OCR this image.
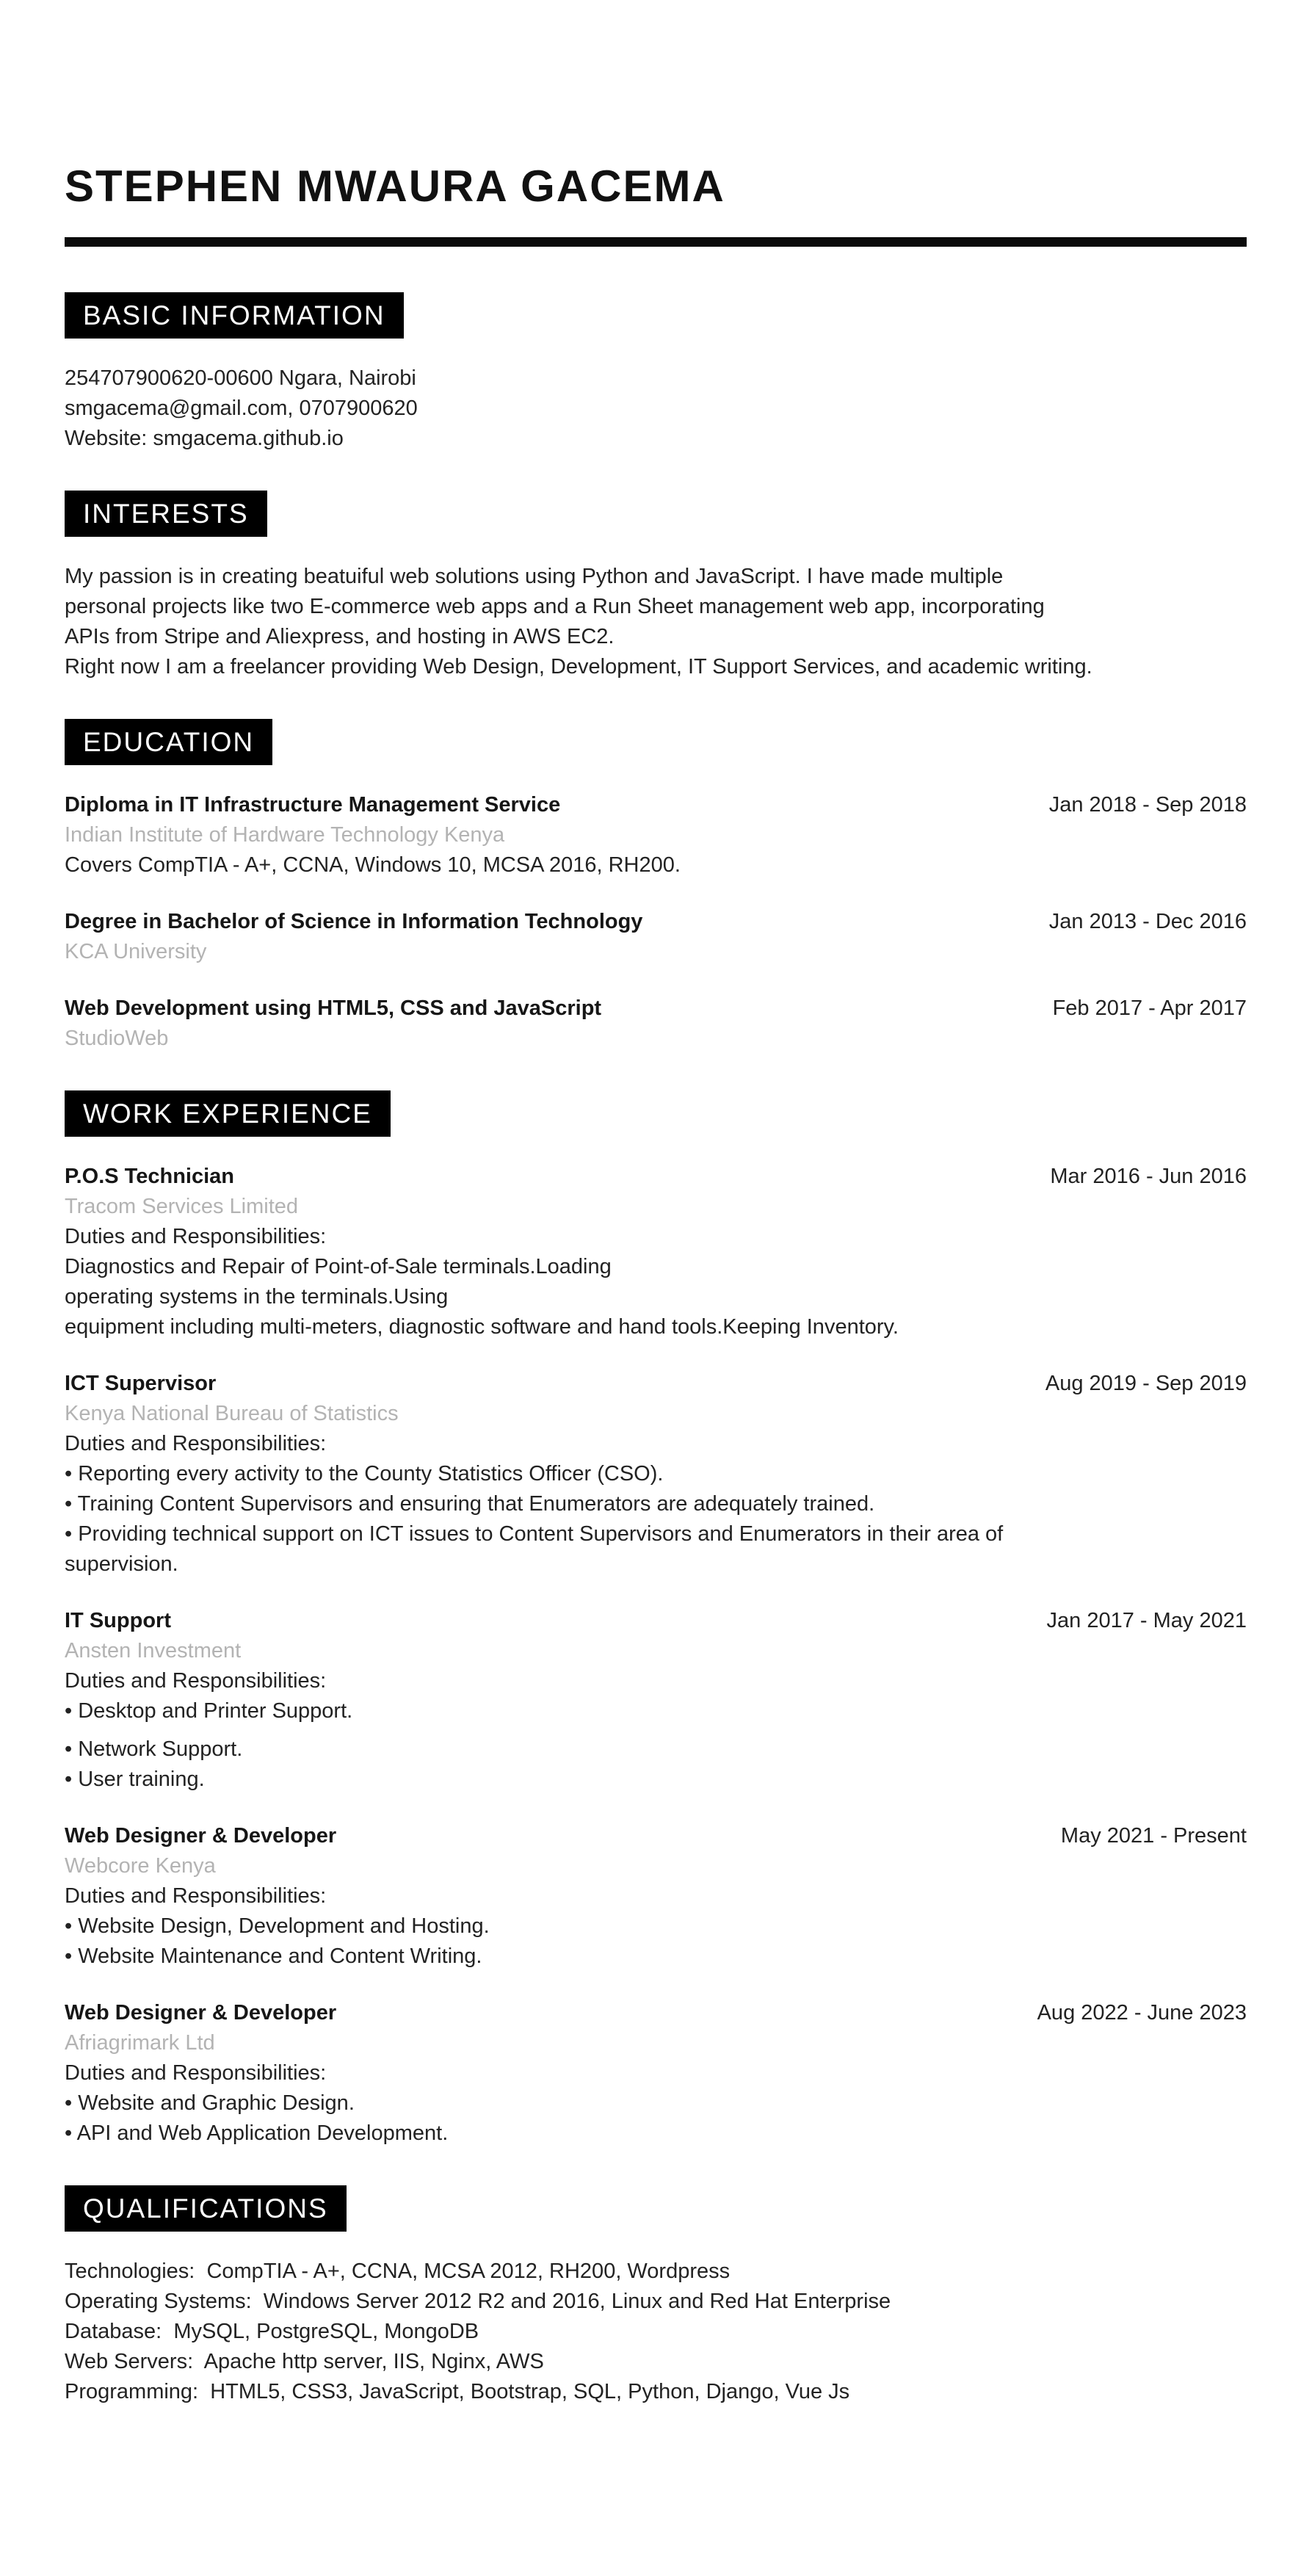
STEPHEN MWAURA GACEMA
BASIC INFORMATION
254707900620-00600 Ngara, Nairobi
smgacema@gmail.com, 0707900620
Website: smgacema.github.io
INTERESTS
My passion is in creating beatuiful web solutions using Python and JavaScript. I have made multiple
personal projects like two E-commerce web apps and a Run Sheet management web app, incorporating
APIs from Stripe and Aliexpress, and hosting in AWS EC2.
Right now I am a freelancer providing Web Design, Development, IT Support Services, and academic writing.
EDUCATION
Diploma in IT Infrastructure Management Service	Jan 2018 - Sep 2018
Indian Institute of Hardware Technology Kenya
Covers CompTIA - A+, CCNA, Windows 10, MCSA 2016, RH200.
Degree in Bachelor of Science in Information Technology	Jan 2013 - Dec 2016
KCA University
Web Development using HTML5, CSS and JavaScript	Feb 2017 - Apr 2017
StudioWeb
WORK EXPERIENCE
P.O.S Technician	Mar 2016 - Jun 2016
Tracom Services Limited
Duties and Responsibilities:
Diagnostics and Repair of Point-of-Sale terminals.Loading
operating systems in the terminals.Using
equipment including multi-meters, diagnostic software and hand tools.Keeping Inventory.
ICT Supervisor	Aug 2019 - Sep 2019
Kenya National Bureau of Statistics
Duties and Responsibilities:
• Reporting every activity to the County Statistics Officer (CSO).
• Training Content Supervisors and ensuring that Enumerators are adequately trained.
• Providing technical support on ICT issues to Content Supervisors and Enumerators in their area of
supervision.
IT Support	Jan 2017 - May 2021
Ansten Investment
Duties and Responsibilities:
• Desktop and Printer Support.
• Network Support.
• User training.
Web Designer & Developer	May 2021 - Present
Webcore Kenya
Duties and Responsibilities:
• Website Design, Development and Hosting.
• Website Maintenance and Content Writing.
Web Designer & Developer	Aug 2022 - June 2023
Afriagrimark Ltd
Duties and Responsibilities:
• Website and Graphic Design.
• API and Web Application Development.
QUALIFICATIONS
Technologies:  CompTIA - A+, CCNA, MCSA 2012, RH200, Wordpress
Operating Systems:  Windows Server 2012 R2 and 2016, Linux and Red Hat Enterprise
Database:  MySQL, PostgreSQL, MongoDB
Web Servers:  Apache http server, IIS, Nginx, AWS
Programming:  HTML5, CSS3, JavaScript, Bootstrap, SQL, Python, Django, Vue Js
